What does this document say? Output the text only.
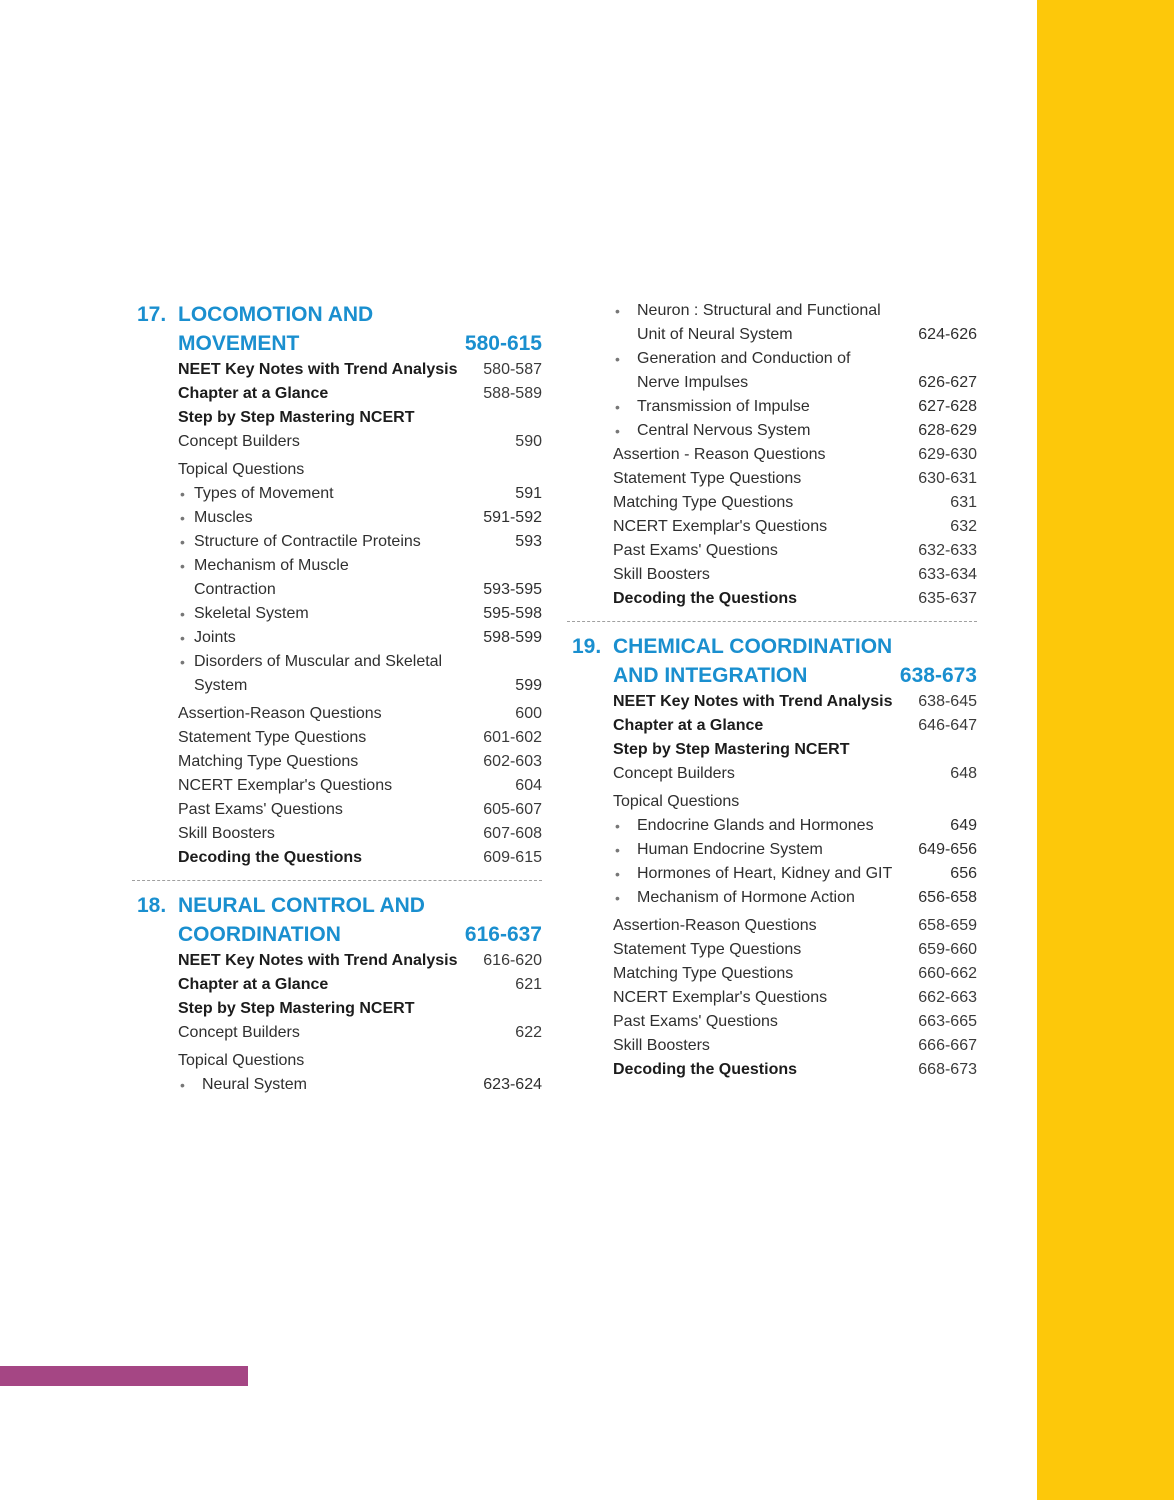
17. LOCOMOTION AND
MOVEMENT	580-615
NEET Key Notes with Trend Analysis 580-587
Chapter at a Glance	588-589
Step by Step Mastering NCERT
Concept Builders	590
Topical Questions
• Types of Movement	591
• Muscles	591-592
• Structure of Contractile Proteins	593
• Mechanism of Muscle
Contraction	593-595
• Skeletal System	595-598
• Joints	598-599
• Disorders of Muscular and Skeletal
System	599
Assertion-Reason Questions	600
Statement Type Questions	601-602
Matching Type Questions	602-603
NCERT Exemplar's Questions	604
Past Exams' Questions	605-607
Skill Boosters	607-608
Decoding the Questions	609-615
18. NEURAL CONTROL AND
COORDINATION	616-637
NEET Key Notes with Trend Analysis 616-620
Chapter at a Glance	621
Step by Step Mastering NCERT
Concept Builders	622
Topical Questions
• Neural System	623-624
• Neuron : Structural and Functional
Unit of Neural System	624-626
• Generation and Conduction of
Nerve Impulses	626-627
• Transmission of Impulse	627-628
• Central Nervous System	628-629
Assertion - Reason Questions	629-630
Statement Type Questions	630-631
Matching Type Questions	631
NCERT Exemplar's Questions	632
Past Exams' Questions	632-633
Skill Boosters	633-634
Decoding the Questions	635-637
19. CHEMICAL COORDINATION
AND INTEGRATION	638-673
NEET Key Notes with Trend Analysis 638-645
Chapter at a Glance	646-647
Step by Step Mastering NCERT
Concept Builders	648
Topical Questions
• Endocrine Glands and Hormones	649
• Human Endocrine System	649-656
• Hormones of Heart, Kidney and GIT	656
• Mechanism of Hormone Action	656-658
Assertion-Reason Questions	658-659
Statement Type Questions	659-660
Matching Type Questions	660-662
NCERT Exemplar's Questions	662-663
Past Exams' Questions	663-665
Skill Boosters	666-667
Decoding the Questions	668-673
